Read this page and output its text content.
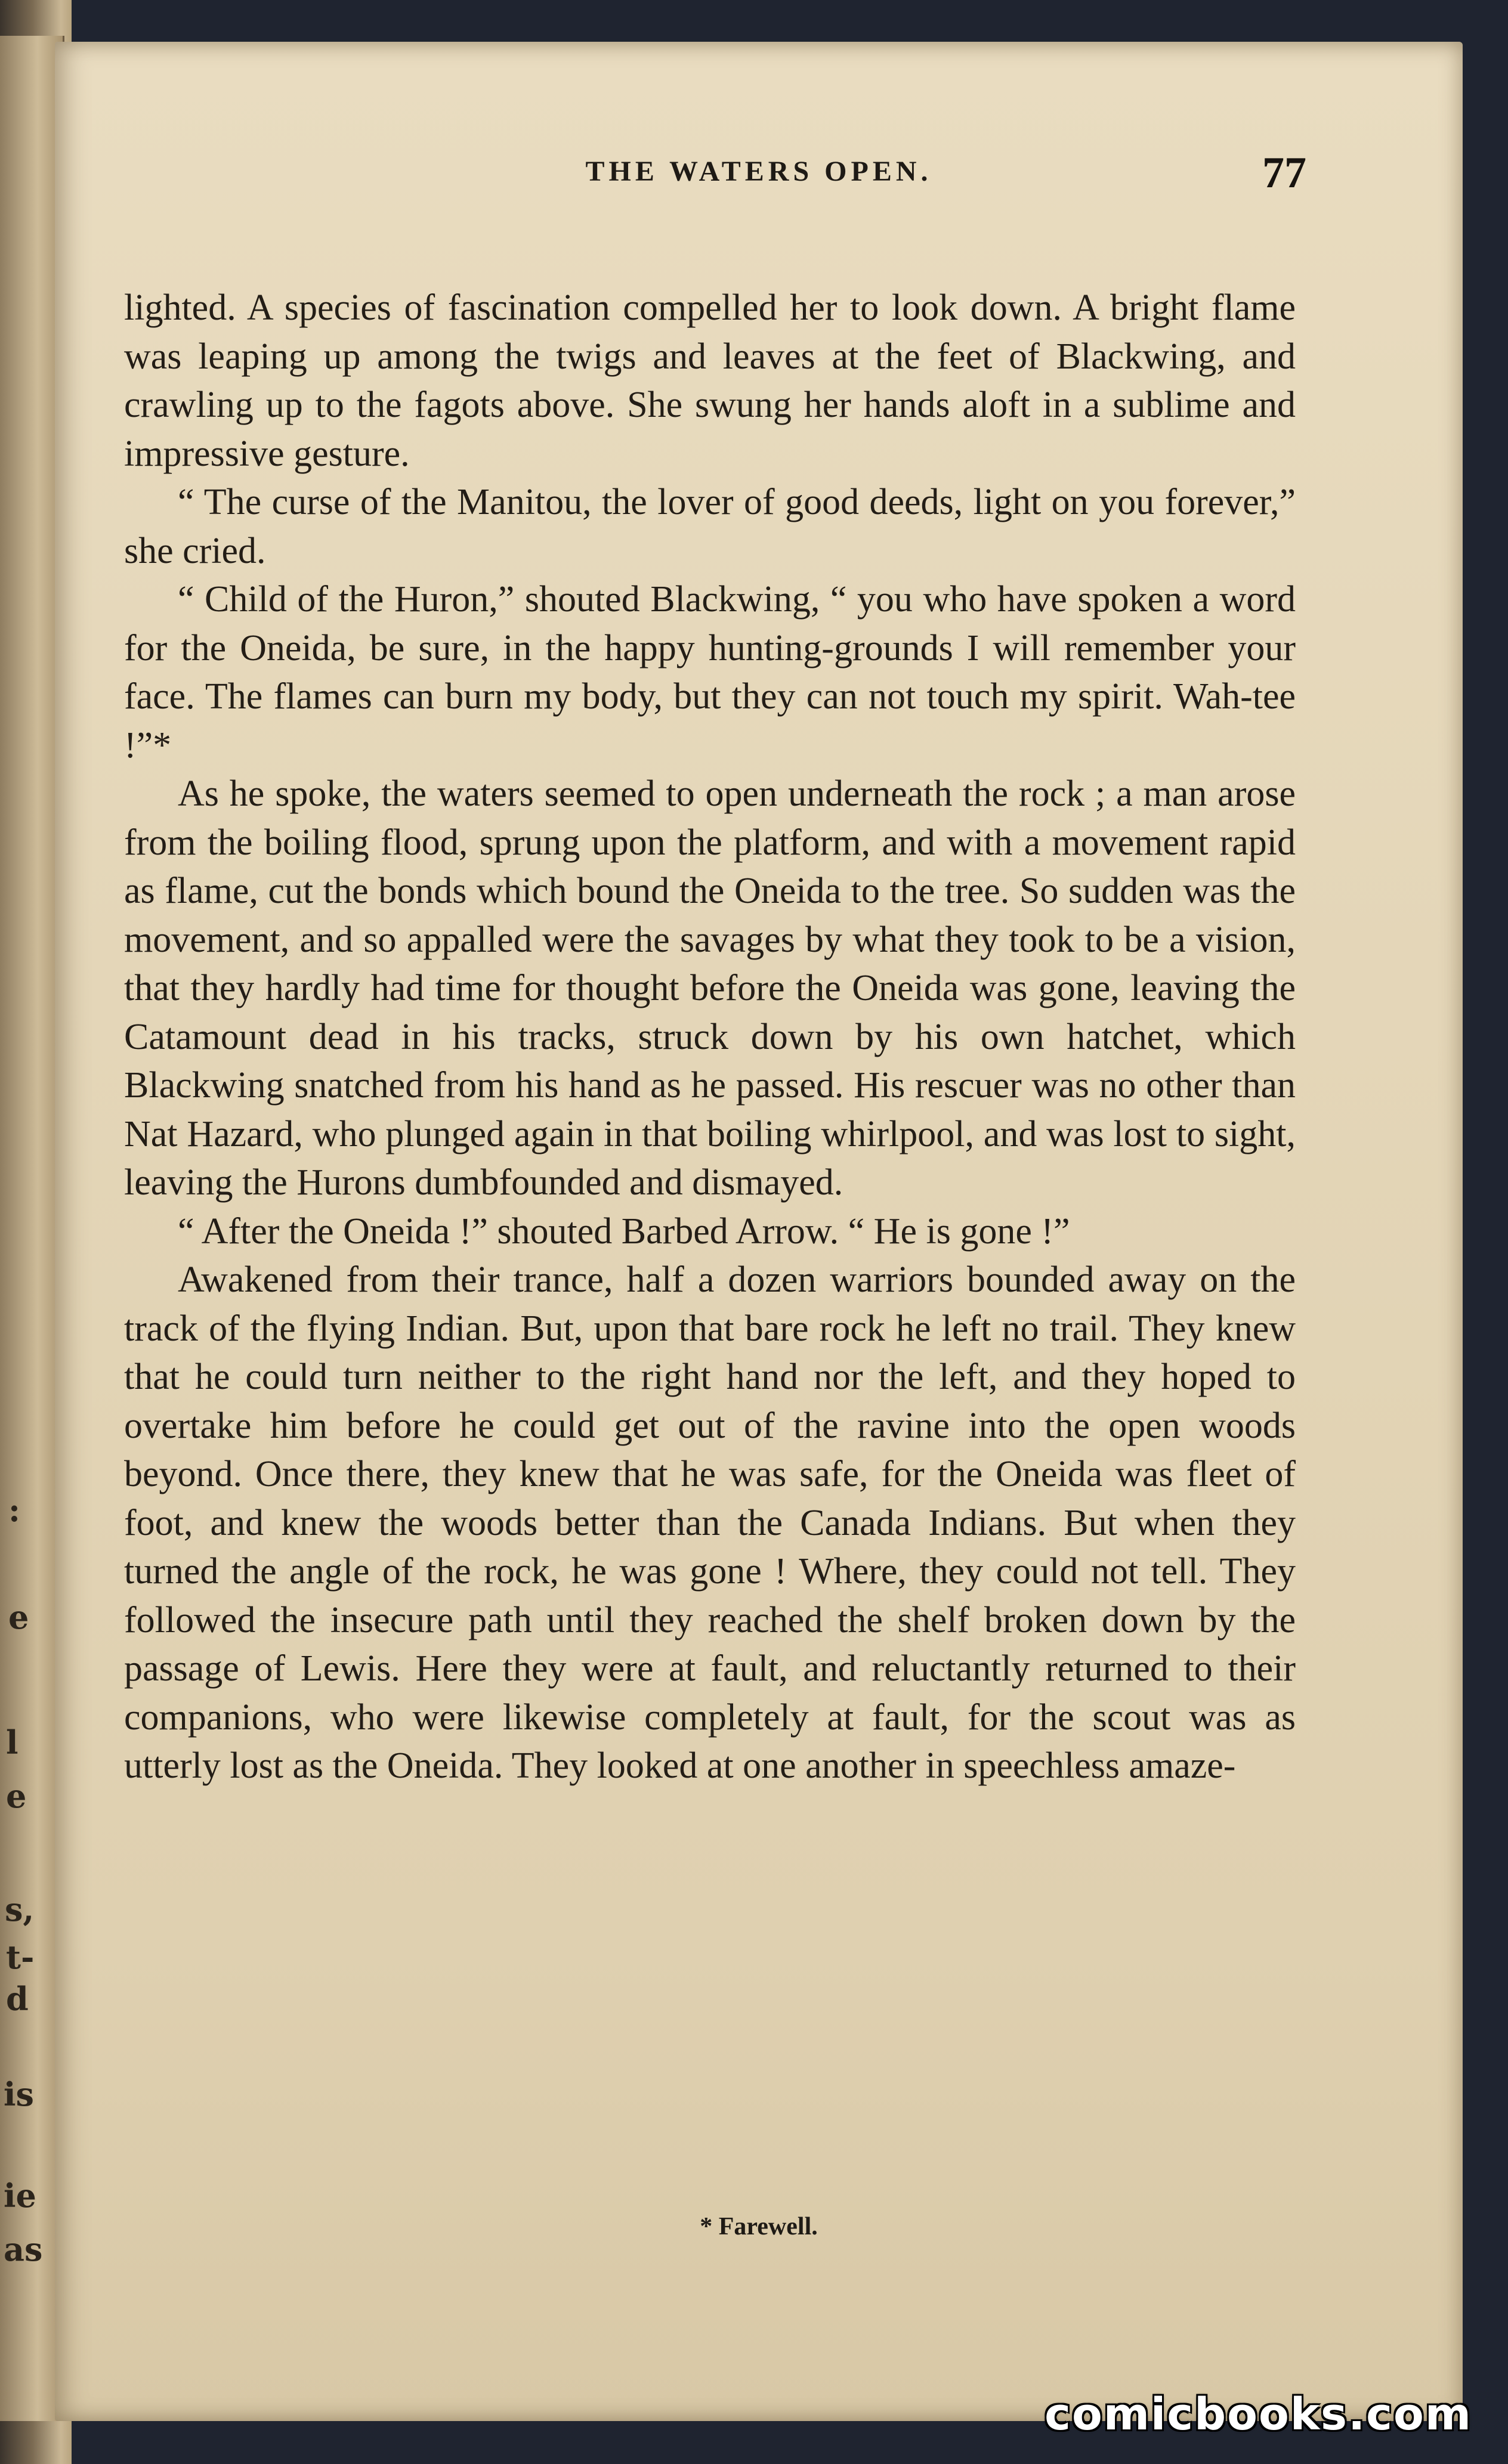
:
e
l
e
s,
t-
d
is
ie
as
THE WATERS OPEN.	77

lighted. A species of fascination compelled her to look down. A bright flame was leaping up among the twigs and leaves at the feet of Blackwing, and crawling up to the fagots above. She swung her hands aloft in a sublime and impressive gesture.

“ The curse of the Manitou, the lover of good deeds, light on you forever,” she cried.

“ Child of the Huron,” shouted Blackwing, “ you who have spoken a word for the Oneida, be sure, in the happy hunting-grounds I will remember your face. The flames can burn my body, but they can not touch my spirit. Wah-tee !”*

As he spoke, the waters seemed to open underneath the rock ; a man arose from the boiling flood, sprung upon the platform, and with a movement rapid as flame, cut the bonds which bound the Oneida to the tree. So sudden was the movement, and so appalled were the savages by what they took to be a vision, that they hardly had time for thought before the Oneida was gone, leaving the Catamount dead in his tracks, struck down by his own hatchet, which Blackwing snatched from his hand as he passed. His rescuer was no other than Nat Hazard, who plunged again in that boiling whirlpool, and was lost to sight, leaving the Hurons dumbfounded and dismayed.

“ After the Oneida !” shouted Barbed Arrow. “ He is gone !”

Awakened from their trance, half a dozen warriors bounded away on the track of the flying Indian. But, upon that bare rock he left no trail. They knew that he could turn neither to the right hand nor the left, and they hoped to overtake him before he could get out of the ravine into the open woods beyond. Once there, they knew that he was safe, for the Oneida was fleet of foot, and knew the woods better than the Canada Indians. But when they turned the angle of the rock, he was gone ! Where, they could not tell. They followed the insecure path until they reached the shelf broken down by the passage of Lewis. Here they were at fault, and reluctantly returned to their companions, who were likewise completely at fault, for the scout was as utterly lost as the Oneida. They looked at one another in speechless amaze-

* Farewell.
comicbooks.com
